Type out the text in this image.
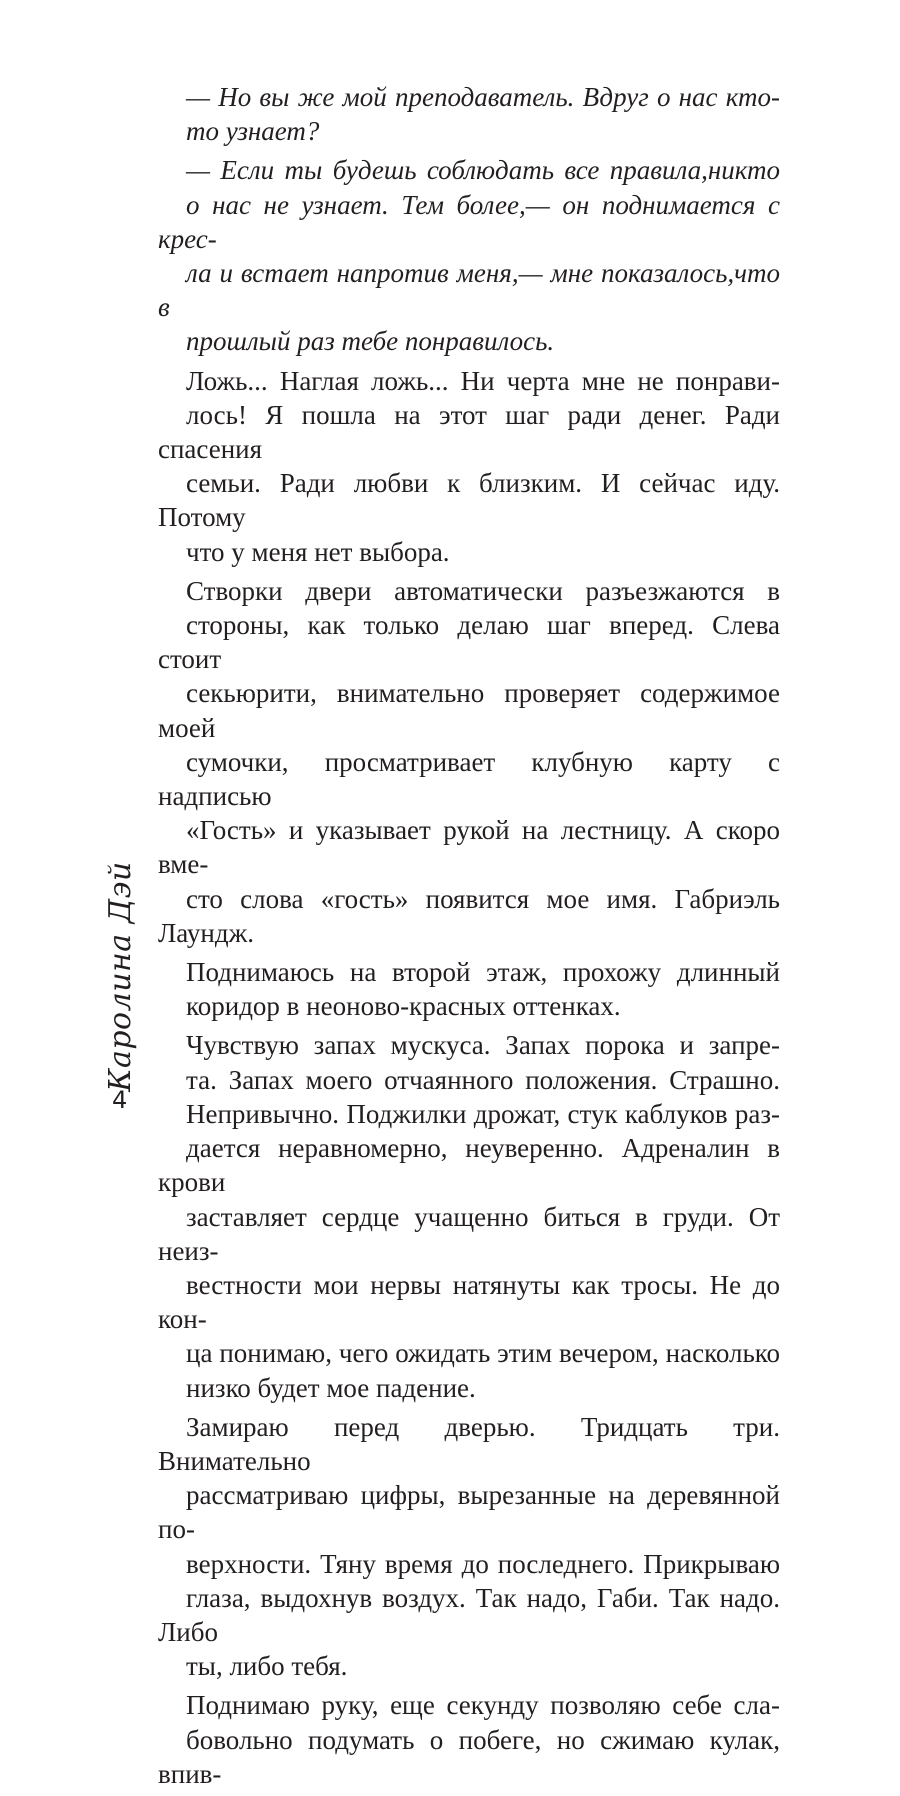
— Но вы же мой преподаватель. Вдруг о нас кто-
то узнает?

— Если ты будешь соблюдать все правила,никто
о нас не узнает. Тем более,— он поднимается с крес-
ла и встает напротив меня,— мне показалось,что в
прошлый раз тебе понравилось.

Ложь... Наглая ложь... Ни черта мне не понрави-
лось! Я пошла на этот шаг ради денег. Ради спасения
семьи. Ради любви к близким. И сейчас иду. Потому
что у меня нет выбора.

Створки двери автоматически разъезжаются в
стороны, как только делаю шаг вперед. Слева стоит
секьюрити, внимательно проверяет содержимое моей
сумочки, просматривает клубную карту с надписью
«Гость» и указывает рукой на лестницу. А скоро вме-
сто слова «гость» появится мое имя. Габриэль Лаундж.

Поднимаюсь на второй этаж, прохожу длинный
коридор в неоново-красных оттенках.

Чувствую запах мускуса. Запах порока и запре-
та. Запах моего отчаянного положения. Страшно.
Непривычно. Поджилки дрожат, стук каблуков раз-
дается неравномерно, неуверенно. Адреналин в крови
заставляет сердце учащенно биться в груди. От неиз-
вестности мои нервы натянуты как тросы. Не до кон-
ца понимаю, чего ожидать этим вечером, насколько
низко будет мое падение.

Замираю перед дверью. Тридцать три. Внимательно
рассматриваю цифры, вырезанные на деревянной по-
верхности. Тяну время до последнего. Прикрываю
глаза, выдохнув воздух. Так надо, Габи. Так надо. Либо
ты, либо тебя.

Поднимаю руку, еще секунду позволяю себе сла-
бовольно подумать о побеге, но сжимаю кулак, впив-

Каролина Дэй
4
